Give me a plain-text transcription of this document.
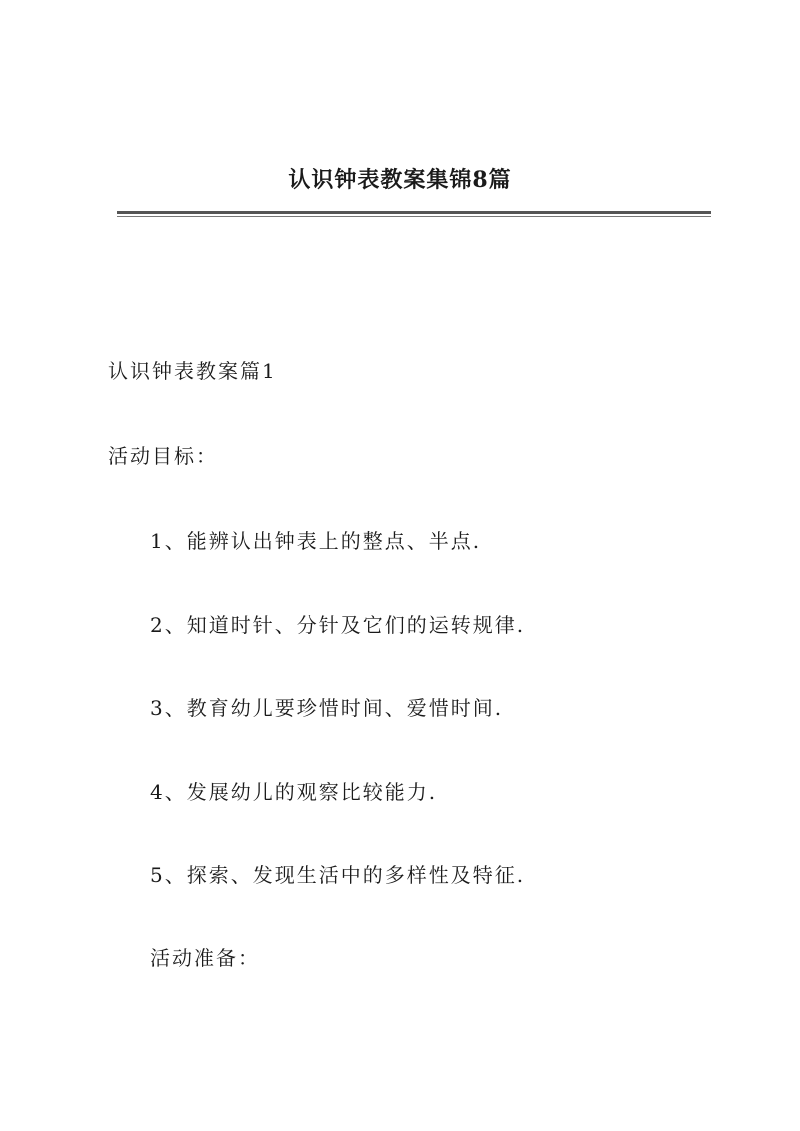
认识钟表教案集锦8篇

认识钟表教案篇1

活动目标：

1、能辨认出钟表上的整点、半点.

2、知道时针、分针及它们的运转规律.

3、教育幼儿要珍惜时间、爱惜时间.

4、发展幼儿的观察比较能力.

5、探索、发现生活中的多样性及特征.

活动准备：
